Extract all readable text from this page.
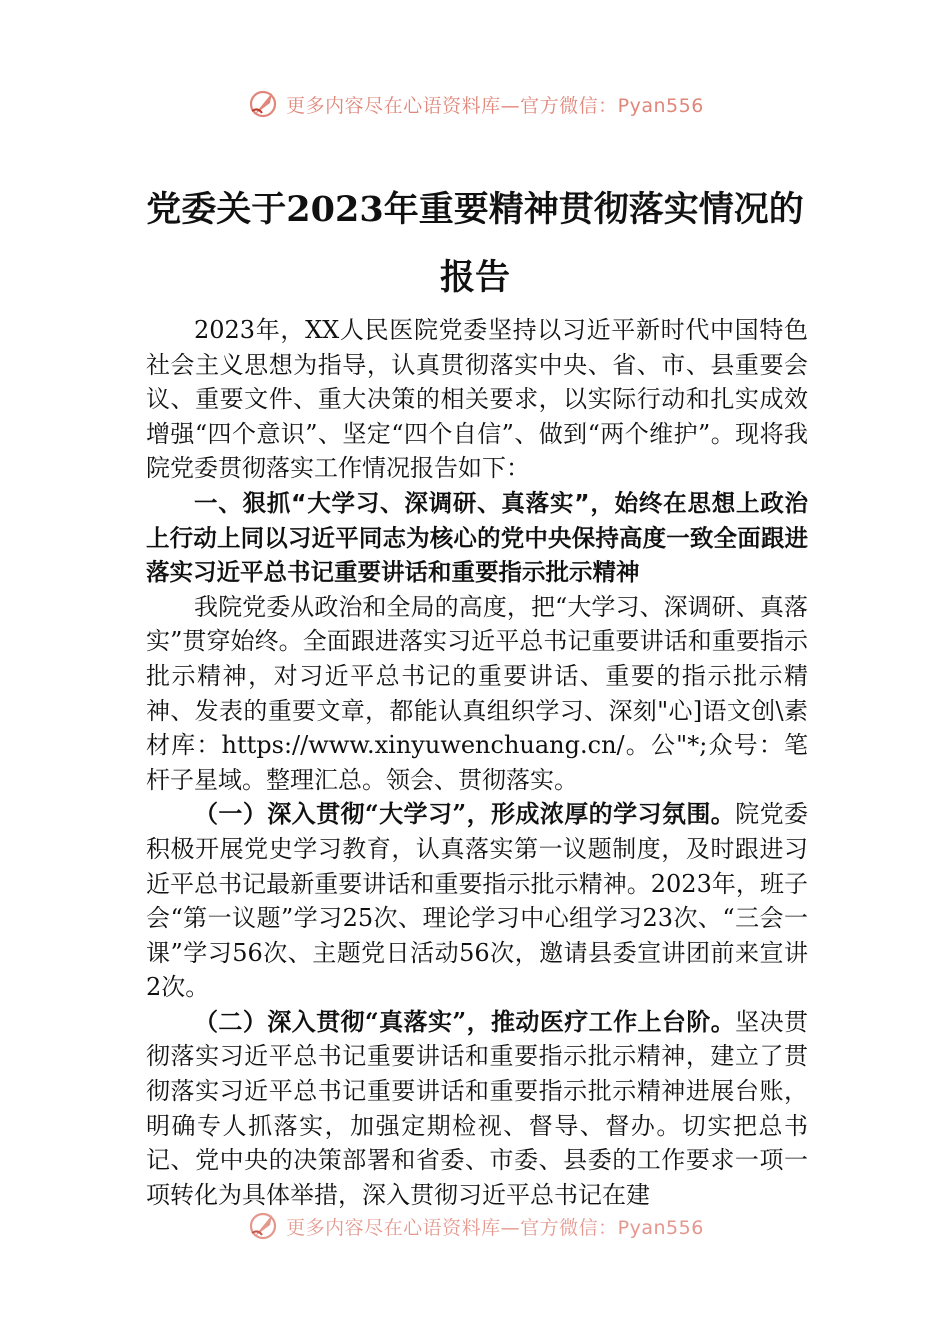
更多内容尽在心语资料库—官方微信：Pyan556
党委关于2023年重要精神贯彻落实情况的
报告

2023年，XX人民医院党委坚持以习近平新时代中国特色社会主义思想为指导，认真贯彻落实中央、省、市、县重要会议、重要文件、重大决策的相关要求，以实际行动和扎实成效增强“四个意识”、坚定“四个自信”、做到“两个维护”。现将我院党委贯彻落实工作情况报告如下：

一、狠抓“大学习、深调研、真落实”，始终在思想上政治上行动上同以习近平同志为核心的党中央保持高度一致全面跟进落实习近平总书记重要讲话和重要指示批示精神

我院党委从政治和全局的高度，把“大学习、深调研、真落实”贯穿始终。全面跟进落实习近平总书记重要讲话和重要指示批示精神，对习近平总书记的重要讲话、重要的指示批示精神、发表的重要文章，都能认真组织学习、深刻"心]语文创\素材库：https://www.xinyuwenchuang.cn/。公"*;众号：笔杆子星域。整理汇总。领会、贯彻落实。

（一）深入贯彻“大学习”，形成浓厚的学习氛围。院党委积极开展党史学习教育，认真落实第一议题制度，及时跟进习近平总书记最新重要讲话和重要指示批示精神。2023年，班子会“第一议题”学习25次、理论学习中心组学习23次、“三会一课”学习56次、主题党日活动56次，邀请县委宣讲团前来宣讲2次。

（二）深入贯彻“真落实”，推动医疗工作上台阶。坚决贯彻落实习近平总书记重要讲话和重要指示批示精神，建立了贯彻落实习近平总书记重要讲话和重要指示批示精神进展台账，明确专人抓落实，加强定期检视、督导、督办。切实把总书记、党中央的决策部署和省委、市委、县委的工作要求一项一项转化为具体举措，深入贯彻习近平总书记在建

更多内容尽在心语资料库—官方微信：Pyan556
